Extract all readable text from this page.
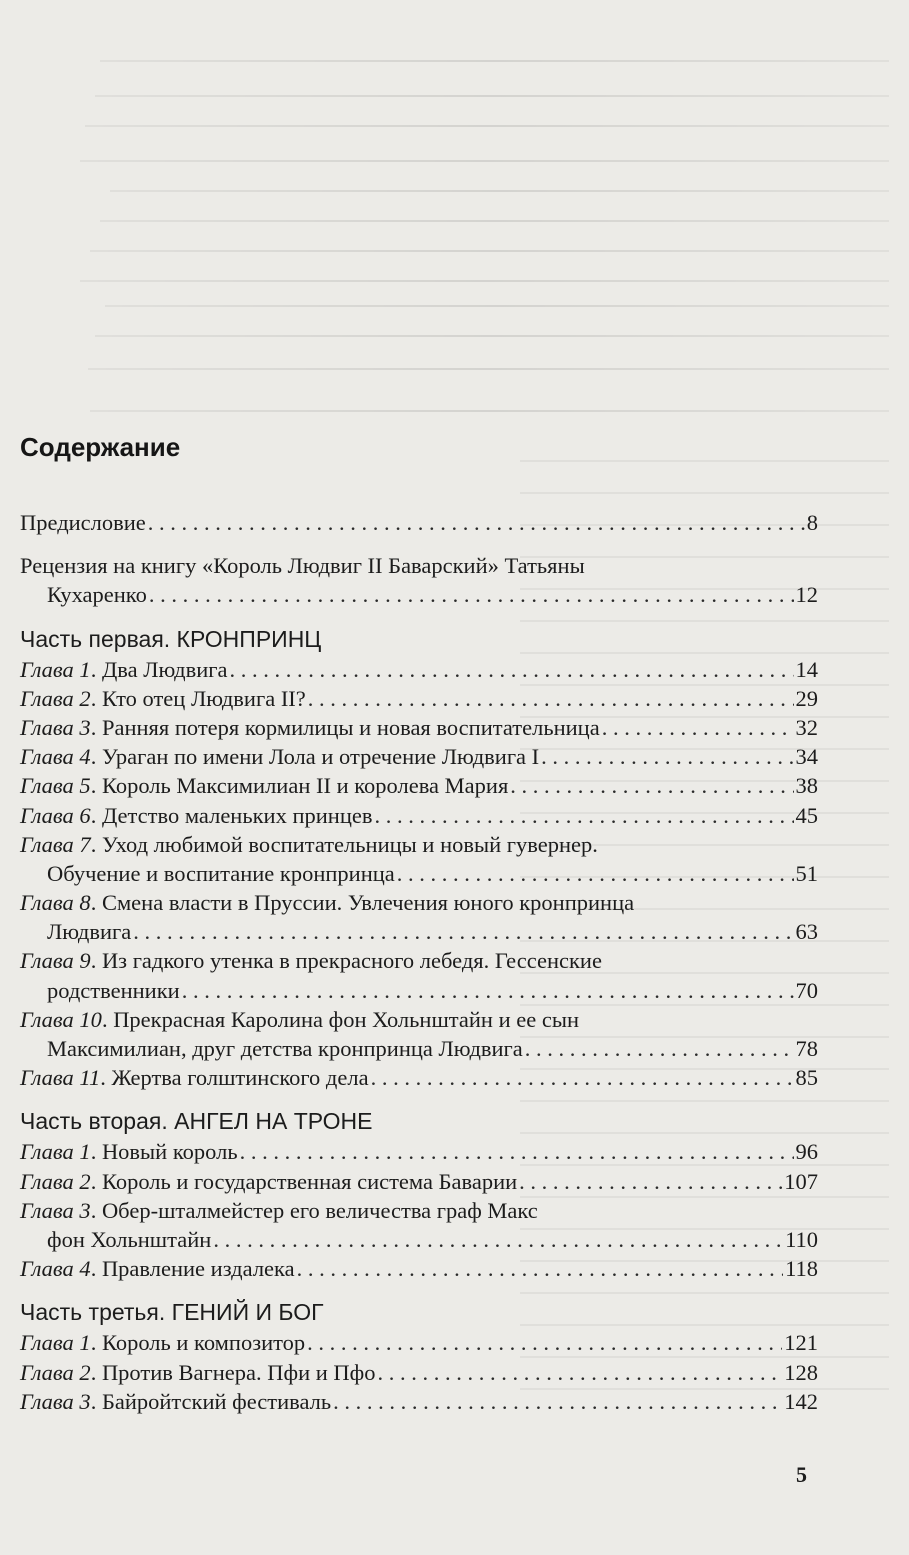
Содержание
Предисловие . . .	8
Рецензия на книгу «Король Людвиг II Баварский» Татьяны
Кухаренко . . .	12
Часть первая. КРОНПРИНЦ
Глава 1. Два Людвига . . .	14
Глава 2. Кто отец Людвига II? . . .	29
Глава 3. Ранняя потеря кормилицы и новая воспитательница . . .	32
Глава 4. Ураган по имени Лола и отречение Людвига I . . .	34
Глава 5. Король Максимилиан II и королева Мария . . .	38
Глава 6. Детство маленьких принцев . . .	45
Глава 7. Уход любимой воспитательницы и новый гувернер.
Обучение и воспитание кронпринца . . .	51
Глава 8. Смена власти в Пруссии. Увлечения юного кронпринца
Людвига . . .	63
Глава 9. Из гадкого утенка в прекрасного лебедя. Гессенские
родственники . . .	70
Глава 10. Прекрасная Каролина фон Хольнштайн и ее сын
Максимилиан, друг детства кронпринца Людвига . . .	78
Глава 11. Жертва голштинского дела . . .	85
Часть вторая. АНГЕЛ НА ТРОНЕ
Глава 1. Новый король . . .	96
Глава 2. Король и государственная система Баварии . . .	107
Глава 3. Обер-шталмейстер его величества граф Макс
фон Хольнштайн . . .	110
Глава 4. Правление издалека . . .	118
Часть третья. ГЕНИЙ И БОГ
Глава 1. Король и композитор . . .	121
Глава 2. Против Вагнера. Пфи и Пфо . . .	128
Глава 3. Байройтский фестиваль . . .	142
5
